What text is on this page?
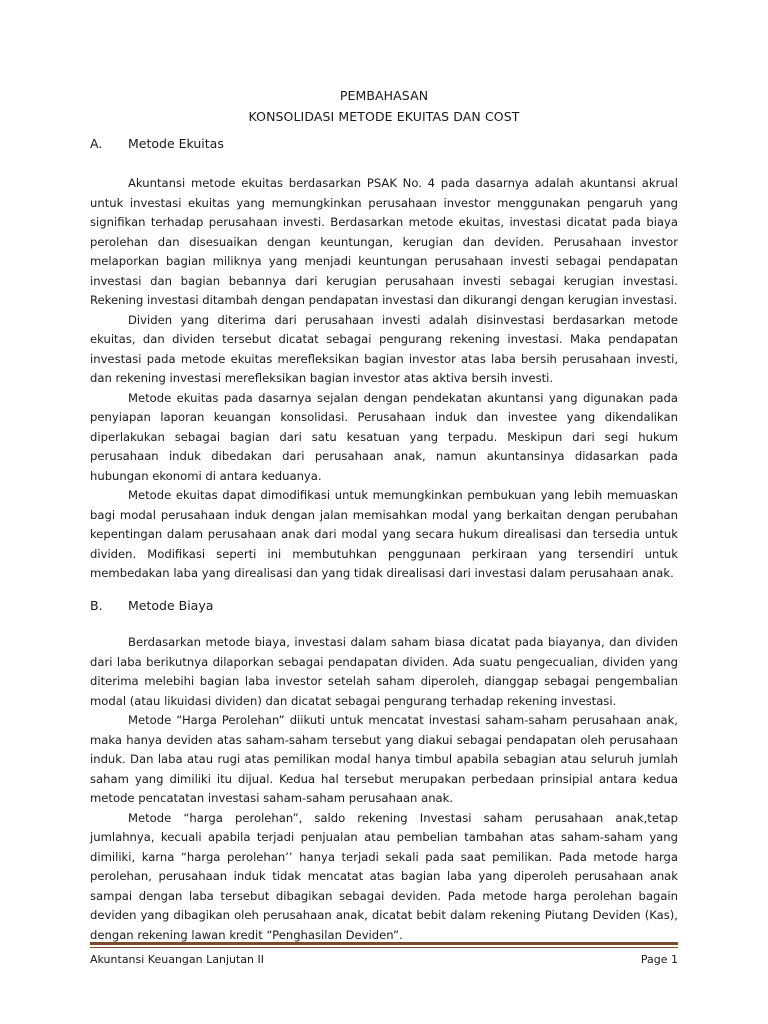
PEMBAHASAN
KONSOLIDASI METODE EKUITAS DAN COST
A. Metode Ekuitas

Akuntansi metode ekuitas berdasarkan PSAK No. 4 pada dasarnya adalah akuntansi akrual untuk investasi ekuitas yang memungkinkan perusahaan investor menggunakan pengaruh yang signifikan terhadap perusahaan investi. Berdasarkan metode ekuitas, investasi dicatat pada biaya perolehan dan disesuaikan dengan keuntungan, kerugian dan deviden. Perusahaan investor melaporkan bagian miliknya yang menjadi keuntungan perusahaan investi sebagai pendapatan investasi dan bagian bebannya dari kerugian perusahaan investi sebagai kerugian investasi. Rekening investasi ditambah dengan pendapatan investasi dan dikurangi dengan kerugian investasi.

Dividen yang diterima dari perusahaan investi adalah disinvestasi berdasarkan metode ekuitas, dan dividen tersebut dicatat sebagai pengurang rekening investasi. Maka pendapatan investasi pada metode ekuitas merefleksikan bagian investor atas laba bersih perusahaan investi, dan rekening investasi merefleksikan bagian investor atas aktiva bersih investi.

Metode ekuitas pada dasarnya sejalan dengan pendekatan akuntansi yang digunakan pada penyiapan laporan keuangan konsolidasi. Perusahaan induk dan investee yang dikendalikan diperlakukan sebagai bagian dari satu kesatuan yang terpadu. Meskipun dari segi hukum perusahaan induk dibedakan dari perusahaan anak, namun akuntansinya didasarkan pada hubungan ekonomi di antara keduanya.

Metode ekuitas dapat dimodifikasi untuk memungkinkan pembukuan yang lebih memuaskan bagi modal perusahaan induk dengan jalan memisahkan modal yang berkaitan dengan perubahan kepentingan dalam perusahaan anak dari modal yang secara hukum direalisasi dan tersedia untuk dividen. Modifikasi seperti ini membutuhkan penggunaan perkiraan yang tersendiri untuk membedakan laba yang direalisasi dan yang tidak direalisasi dari investasi dalam perusahaan anak.

B. Metode Biaya

Berdasarkan metode biaya, investasi dalam saham biasa dicatat pada biayanya, dan dividen dari laba berikutnya dilaporkan sebagai pendapatan dividen. Ada suatu pengecualian, dividen yang diterima melebihi bagian laba investor setelah saham diperoleh, dianggap sebagai pengembalian modal (atau likuidasi dividen) dan dicatat sebagai pengurang terhadap rekening investasi.

Metode “Harga Perolehan” diikuti untuk mencatat investasi saham-saham perusahaan anak, maka hanya deviden atas saham-saham tersebut yang diakui sebagai pendapatan oleh perusahaan induk. Dan laba atau rugi atas pemilikan modal hanya timbul apabila sebagian atau seluruh jumlah saham yang dimiliki itu dijual. Kedua hal tersebut merupakan perbedaan prinsipial antara kedua metode pencatatan investasi saham-saham perusahaan anak.

Metode “harga perolehan”, saldo rekening Investasi saham perusahaan anak,tetap jumlahnya, kecuali apabila terjadi penjualan atau pembelian tambahan atas saham-saham yang dimiliki, karna “harga perolehan’’ hanya terjadi sekali pada saat pemilikan. Pada metode harga perolehan, perusahaan induk tidak mencatat atas bagian laba yang diperoleh perusahaan anak sampai dengan laba tersebut dibagikan sebagai deviden. Pada metode harga perolehan bagain deviden yang dibagikan oleh perusahaan anak, dicatat bebit dalam rekening Piutang Deviden (Kas), dengan rekening lawan kredit “Penghasilan Deviden”.

Akuntansi Keuangan Lanjutan II	Page 1
